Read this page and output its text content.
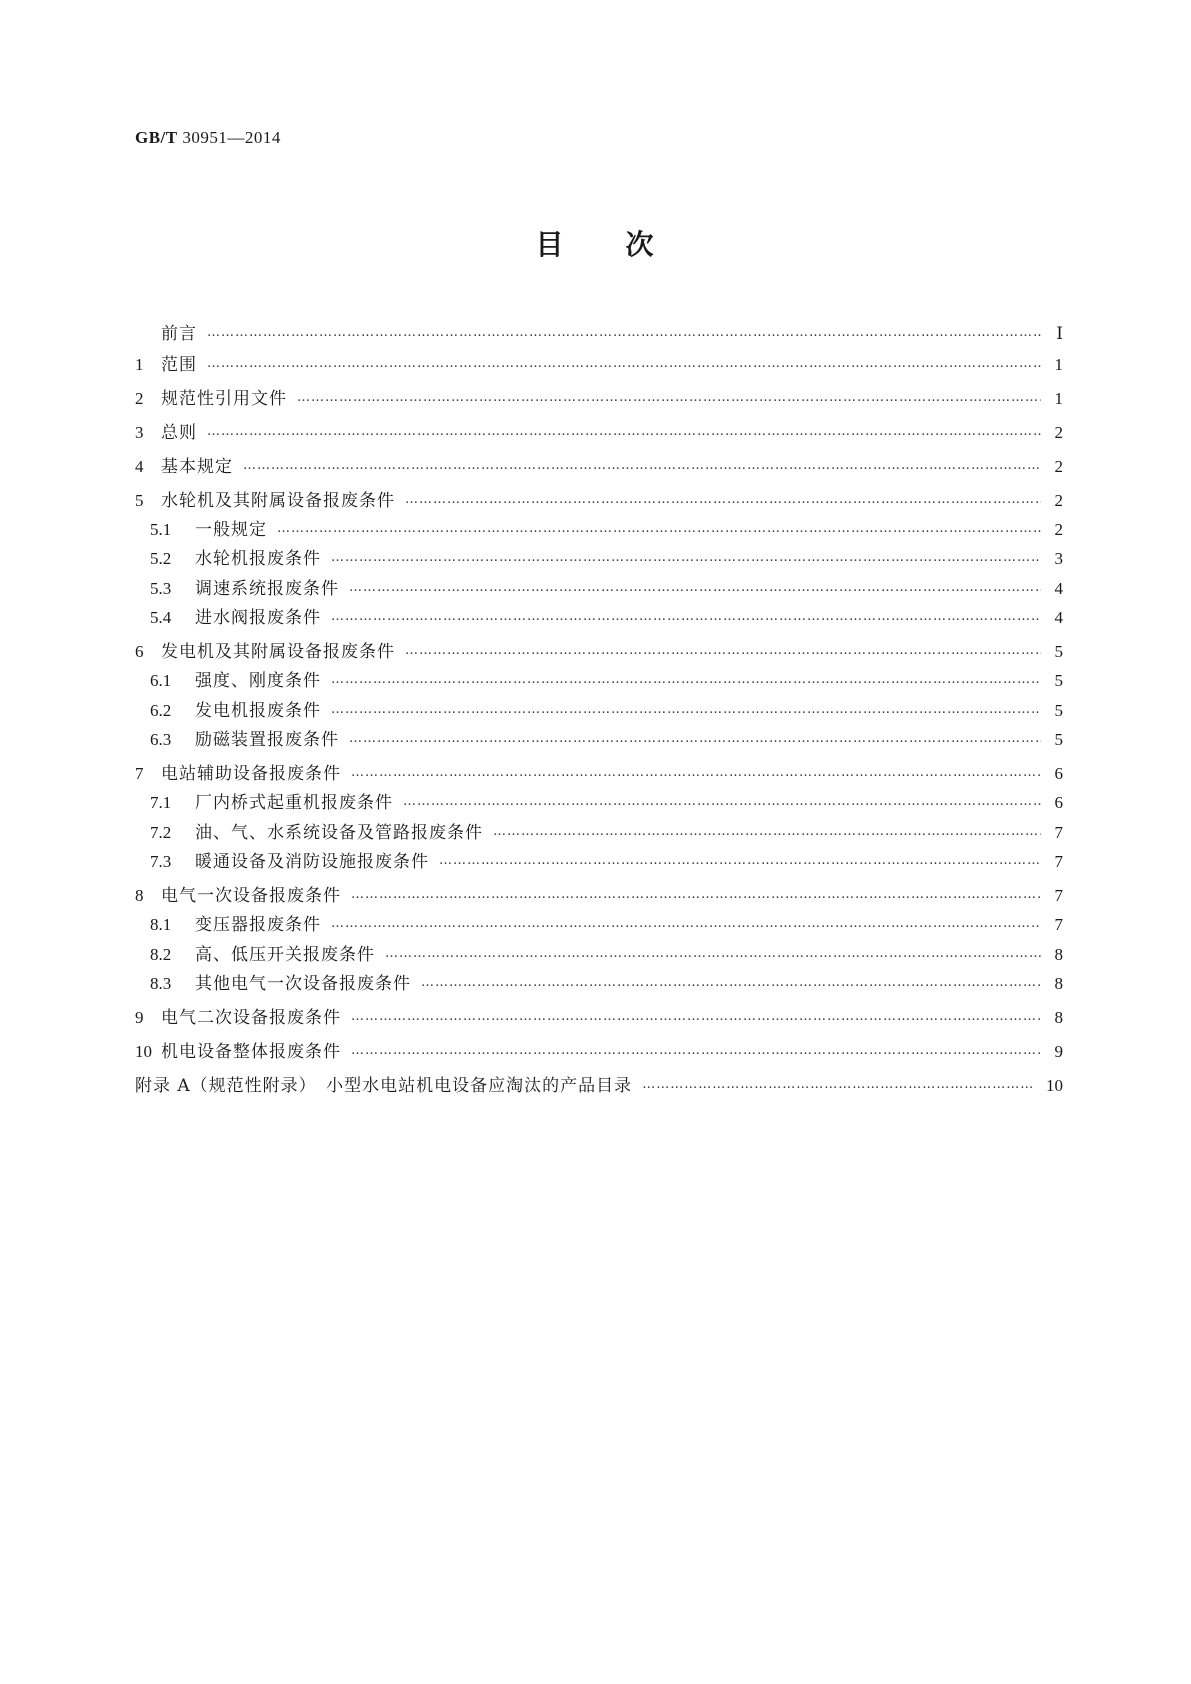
GB/T 30951—2014
目 次
前言 ………………………………………………………………………………………………………………………………………………………………………………………………………………………………	Ⅰ
1	范围 ………………………………………………………………………………………………………………………………………………………………………………………………………………………………	1
2	规范性引用文件 ………………………………………………………………………………………………………………………………………………………………………………………………………………………………	1
3	总则 ………………………………………………………………………………………………………………………………………………………………………………………………………………………………	2
4	基本规定 ………………………………………………………………………………………………………………………………………………………………………………………………………………………………	2
5	水轮机及其附属设备报废条件 ………………………………………………………………………………………………………………………………………………………………………………………………………………………………	2
5.1	一般规定 ………………………………………………………………………………………………………………………………………………………………………………………………………………………………	2
5.2	水轮机报废条件 ………………………………………………………………………………………………………………………………………………………………………………………………………………………………	3
5.3	调速系统报废条件 ………………………………………………………………………………………………………………………………………………………………………………………………………………………………	4
5.4	进水阀报废条件 ………………………………………………………………………………………………………………………………………………………………………………………………………………………………	4
6	发电机及其附属设备报废条件 ………………………………………………………………………………………………………………………………………………………………………………………………………………………………	5
6.1	强度、刚度条件 ………………………………………………………………………………………………………………………………………………………………………………………………………………………………	5
6.2	发电机报废条件 ………………………………………………………………………………………………………………………………………………………………………………………………………………………………	5
6.3	励磁装置报废条件 ………………………………………………………………………………………………………………………………………………………………………………………………………………………………	5
7	电站辅助设备报废条件 ………………………………………………………………………………………………………………………………………………………………………………………………………………………………	6
7.1	厂内桥式起重机报废条件 ………………………………………………………………………………………………………………………………………………………………………………………………………………………………	6
7.2	油、气、水系统设备及管路报废条件 ………………………………………………………………………………………………………………………………………………………………………………………………………………………………	7
7.3	暖通设备及消防设施报废条件 ………………………………………………………………………………………………………………………………………………………………………………………………………………………………	7
8	电气一次设备报废条件 ………………………………………………………………………………………………………………………………………………………………………………………………………………………………	7
8.1	变压器报废条件 ………………………………………………………………………………………………………………………………………………………………………………………………………………………………	7
8.2	高、低压开关报废条件 ………………………………………………………………………………………………………………………………………………………………………………………………………………………………	8
8.3	其他电气一次设备报废条件 ………………………………………………………………………………………………………………………………………………………………………………………………………………………………	8
9	电气二次设备报废条件 ………………………………………………………………………………………………………………………………………………………………………………………………………………………………	8
10 机电设备整体报废条件 ………………………………………………………………………………………………………………………………………………………………………………………………………………………………	9
附录 A（规范性附录）　小型水电站机电设备应淘汰的产品目录 ………………………………………………………………………………………………………………………………………………………………………………………………………………………………	10
